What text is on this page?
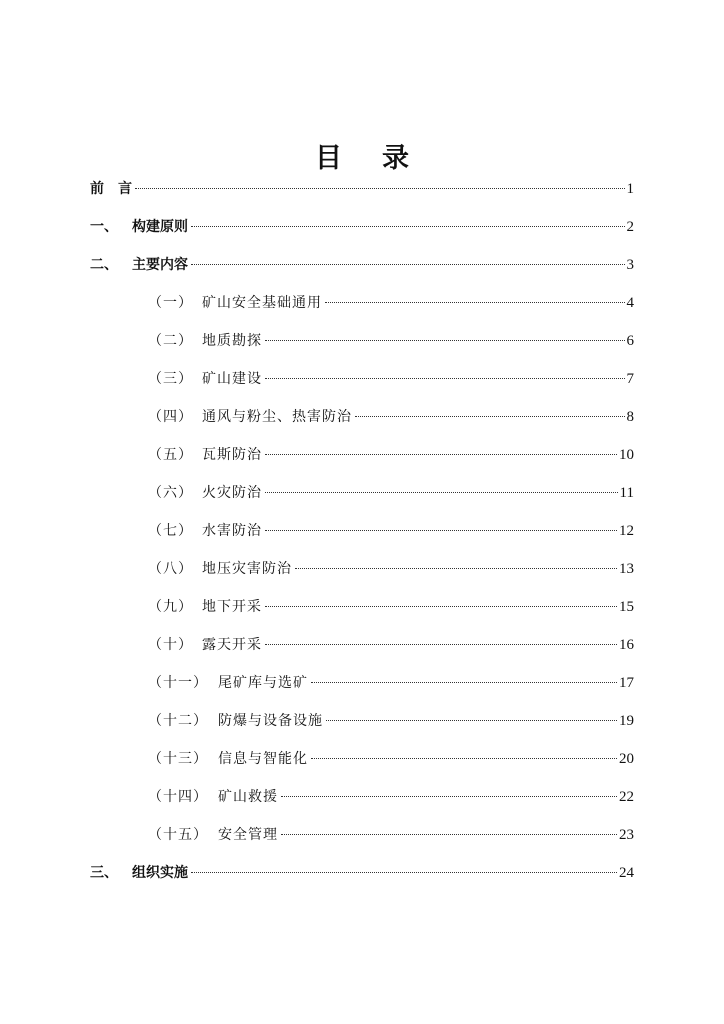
目 录
前　言	1
一、	构建原则	2
二、	主要内容	3
（一） 矿山安全基础通用	4
（二） 地质勘探	6
（三） 矿山建设	7
（四） 通风与粉尘、热害防治	8
（五） 瓦斯防治	10
（六） 火灾防治	11
（七） 水害防治	12
（八） 地压灾害防治	13
（九） 地下开采	15
（十） 露天开采	16
（十一） 尾矿库与选矿	17
（十二） 防爆与设备设施	19
（十三） 信息与智能化	20
（十四） 矿山救援	22
（十五） 安全管理	23
三、	组织实施	24
